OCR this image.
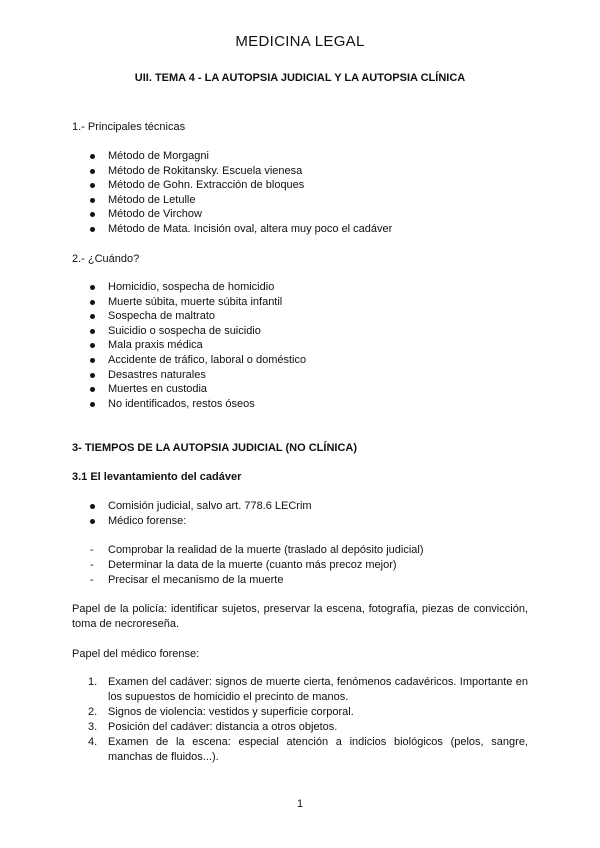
MEDICINA LEGAL
UII. TEMA 4 - LA AUTOPSIA JUDICIAL Y LA AUTOPSIA CLÍNICA
1.- Principales técnicas
Método de Morgagni
Método de Rokitansky. Escuela vienesa
Método de Gohn. Extracción de bloques
Método de Letulle
Método de Virchow
Método de Mata. Incisión oval, altera muy poco el cadáver
2.- ¿Cuándo?
Homicidio, sospecha de homicidio
Muerte súbita, muerte súbita infantil
Sospecha de maltrato
Suicidio o sospecha de suicidio
Mala praxis médica
Accidente de tráfico, laboral o doméstico
Desastres naturales
Muertes en custodia
No identificados, restos óseos
3- TIEMPOS DE LA AUTOPSIA JUDICIAL (NO CLÍNICA)
3.1 El levantamiento del cadáver
Comisión judicial, salvo art. 778.6 LECrim
Médico forense:
- Comprobar la realidad de la muerte (traslado al depósito judicial)
- Determinar la data de la muerte (cuanto más precoz mejor)
- Precisar el mecanismo de la muerte
Papel de la policía: identificar sujetos, preservar la escena, fotografía, piezas de convicción, toma de necroreseña.
Papel del médico forense:
1. Examen del cadáver: signos de muerte cierta, fenómenos cadavéricos. Importante en los supuestos de homicidio el precinto de manos.
2. Signos de violencia: vestidos y superficie corporal.
3. Posición del cadáver: distancia a otros objetos.
4. Examen de la escena: especial atención a indicios biológicos (pelos, sangre, manchas de fluidos...).
1
